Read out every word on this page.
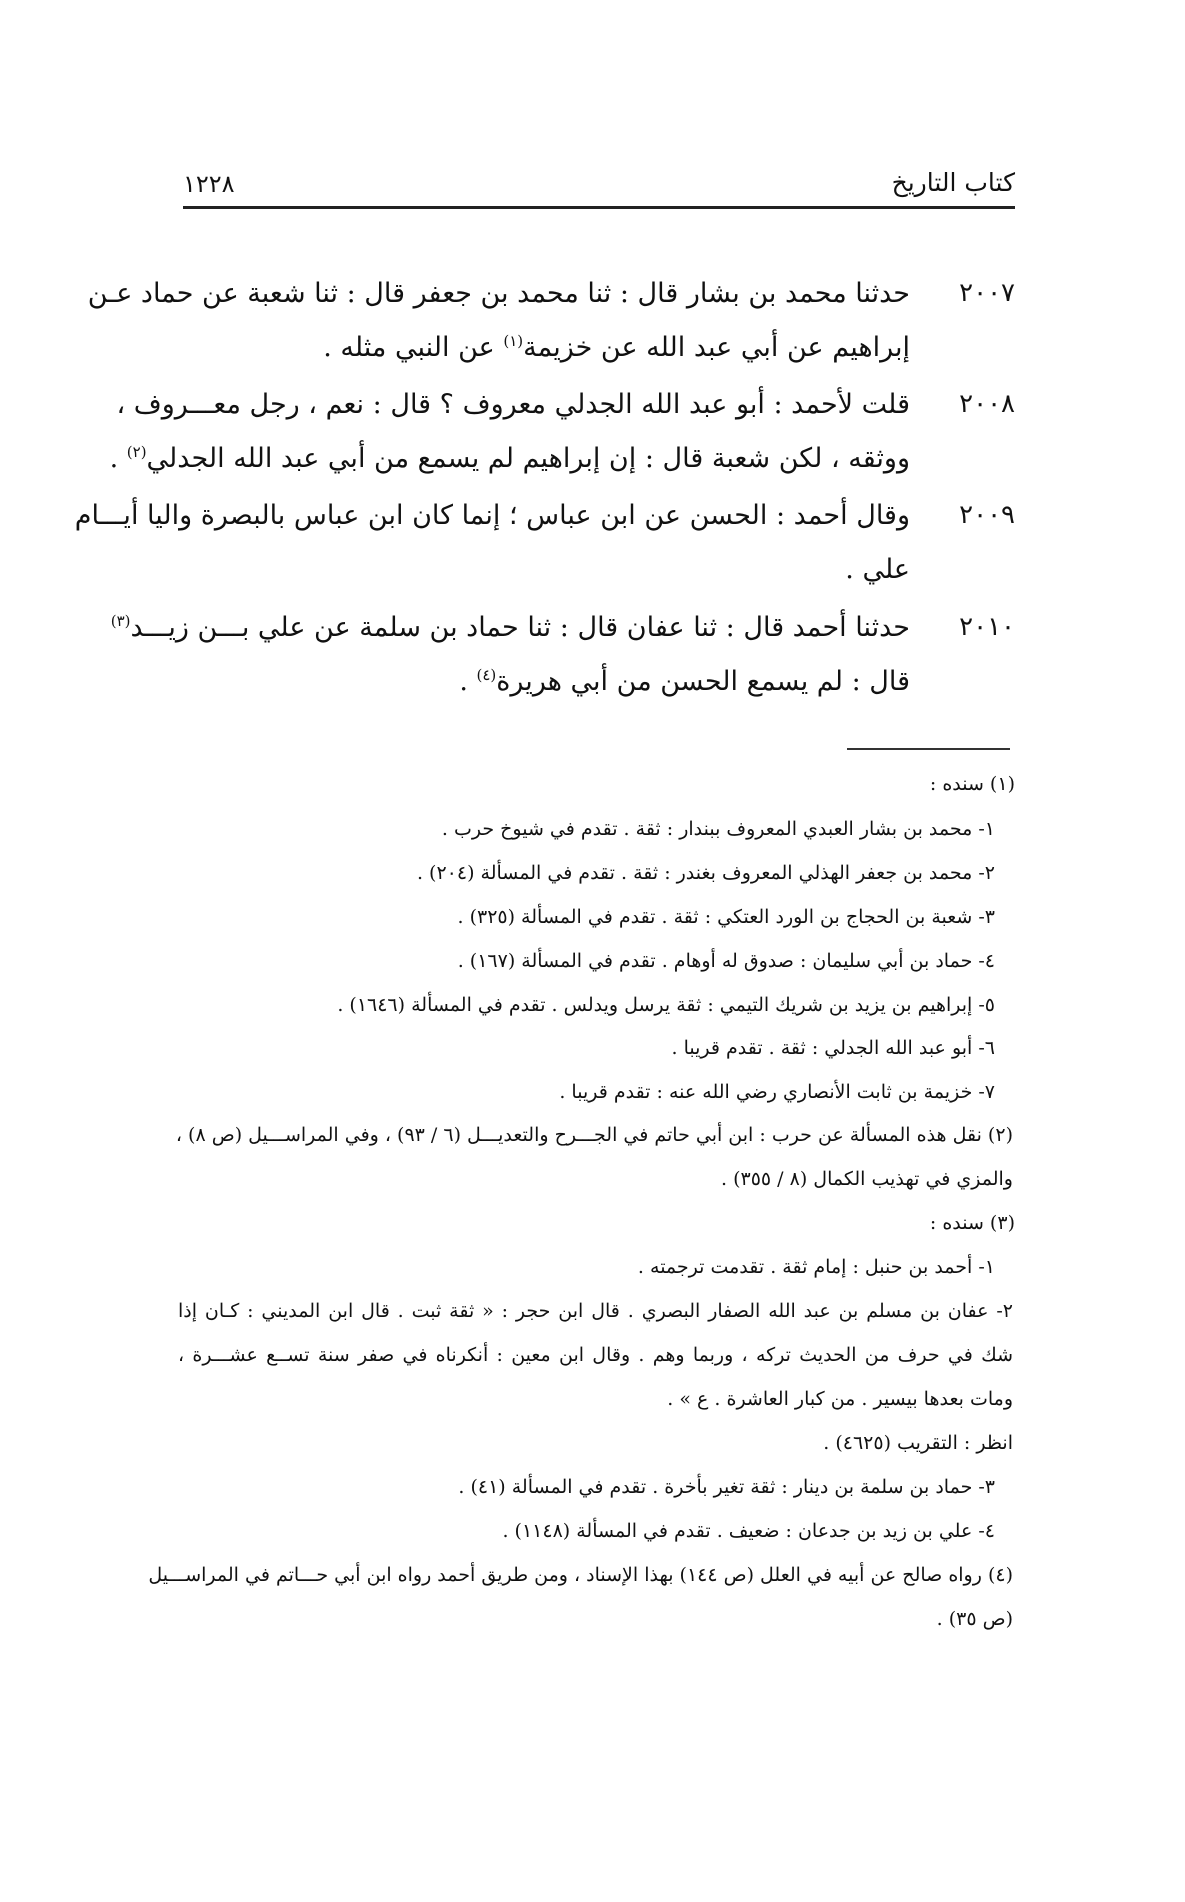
كتاب التاريخ
١٢٢٨
٢٠٠٧
حدثنا محمد بن بشار قال : ثنا محمد بن جعفر قال : ثنا شعبة عن حماد عـن
إبراهيم عن أبي عبد الله عن خزيمة$^{(١)}$ عن النبي مثله .
٢٠٠٨
قلت لأحمد : أبو عبد الله الجدلي معروف ؟ قال : نعم ، رجل معـــروف ،
ووثقه ، لكن شعبة قال : إن إبراهيم لم يسمع من أبي عبد الله الجدلي$^{(٢)}$ .
٢٠٠٩
وقال أحمد : الحسن عن ابن عباس ؛ إنما كان ابن عباس بالبصرة واليا أيـــام
علي .
٢٠١٠
حدثنا أحمد قال : ثنا عفان قال : ثنا حماد بن سلمة عن علي بـــن زيـــد$^{(٣)}$
قال : لم يسمع الحسن من أبي هريرة$^{(٤)}$ .
(١) سنده :
١- محمد بن بشار العبدي المعروف ببندار : ثقة . تقدم في شيوخ حرب .
٢- محمد بن جعفر الهذلي المعروف بغندر : ثقة . تقدم في المسألة (٢٠٤) .
٣- شعبة بن الحجاج بن الورد العتكي : ثقة . تقدم في المسألة (٣٢٥) .
٤- حماد بن أبي سليمان : صدوق له أوهام . تقدم في المسألة (١٦٧) .
٥- إبراهيم بن يزيد بن شريك التيمي : ثقة يرسل ويدلس . تقدم في المسألة (١٦٤٦) .
٦- أبو عبد الله الجدلي : ثقة . تقدم قريبا .
٧- خزيمة بن ثابت الأنصاري رضي الله عنه : تقدم قريبا .
(٢) نقل هذه المسألة عن حرب : ابن أبي حاتم في الجـــرح والتعديـــل (٦ / ٩٣) ، وفي المراســـيل (ص ٨) ،
والمزي في تهذيب الكمال (٨ / ٣٥٥) .
(٣) سنده :
١- أحمد بن حنبل : إمام ثقة . تقدمت ترجمته .
٢- عفان بن مسلم بن عبد الله الصفار البصري . قال ابن حجر : « ثقة ثبت . قال ابن المديني : كـان إذا
شك في حرف من الحديث تركه ، وربما وهم . وقال ابن معين : أنكرناه في صفر سنة تســع عشـــرة ،
ومات بعدها بيسير . من كبار العاشرة . ع » .
انظر : التقريب (٤٦٢٥) .
٣- حماد بن سلمة بن دينار : ثقة تغير بأخرة . تقدم في المسألة (٤١) .
٤- علي بن زيد بن جدعان : ضعيف . تقدم في المسألة (١١٤٨) .
(٤) رواه صالح عن أبيه في العلل (ص ١٤٤) بهذا الإسناد ، ومن طريق أحمد رواه ابن أبي حـــاتم في المراســـيل
(ص ٣٥) .
